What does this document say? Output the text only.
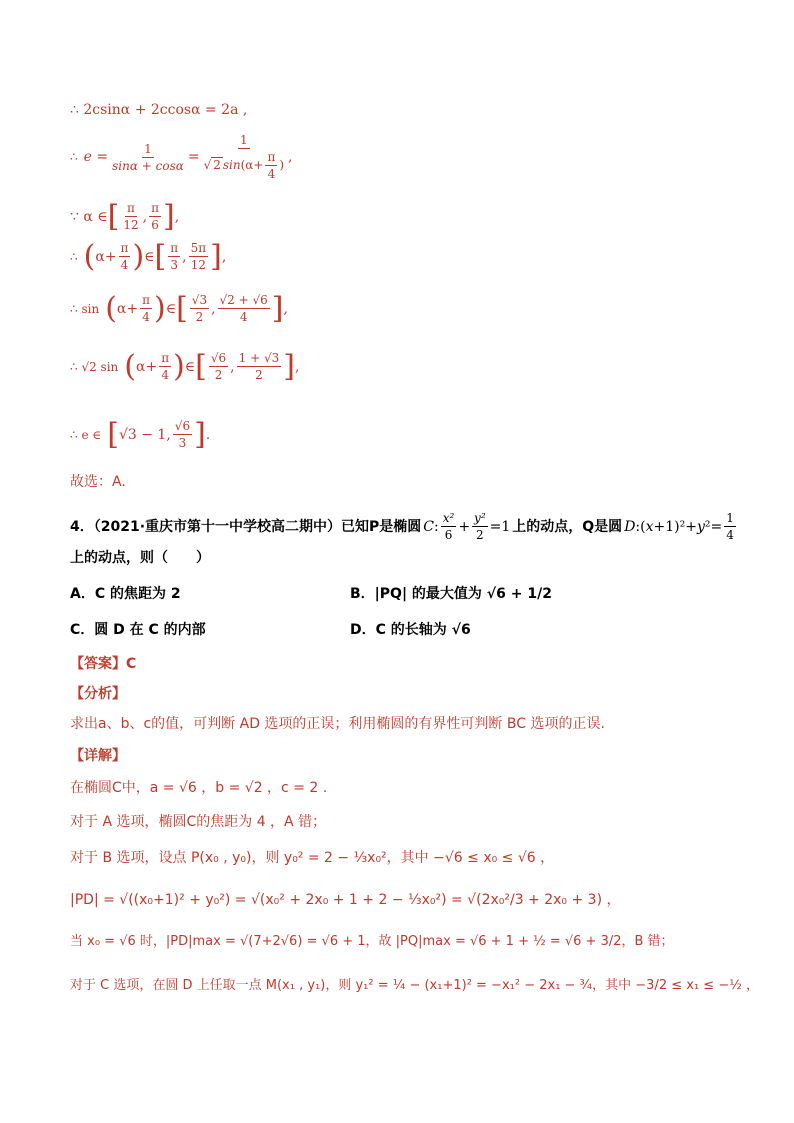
∴ 2csinα + 2ccosα = 2a ,
∴ $e = \frac{1}{\sin\alpha + \cos\alpha} = \frac{1}{√ 2 \sin(\alpha+ \frac{\pi}{4} )}$ ,
∵ α ∈ [ $\frac{\pi}{12}$ , $\frac{\pi}{6}$ ] ,
∴ ( $\alpha+ \frac{\pi}{4}$ ) ∈ [ $\frac{\pi}{3}$ , $\frac{5\pi}{12}$ ] ,
∴ sin ( $\alpha+ \frac{\pi}{4}$ ) ∈ [ $\frac{√3}{2}$ , $\frac{√2 + √6}{4}$ ] ,
∴ √2 sin ( $\alpha+ \frac{\pi}{4}$ ) ∈ [ $\frac{√6}{2}$ , $\frac{1 + √3}{2}$ ] ,
∴ e ∈ [ √3 − 1, $\frac{√6}{3}$ ] .
故选：A.
4．（2021·重庆市第十一中学校高二期中）已知 P是椭圆 C : $\frac{\text{x²}}{6} + \frac{\text{y²}}{2} =1$ 上的动点， Q是圆 D :( x +1)²+ y $^2= \frac{1}{4}$
上的动点，则（　　）
A．C 的焦距为 2	B．|PQ| 的最大值为 √6 + 1/2
C．圆 D 在 C 的内部	D．C 的长轴为 √6
【答案】C
【分析】
求出a、b、c的值，可判断 AD 选项的正误；利用椭圆的有界性可判断 BC 选项的正误.
【详解】
在椭圆C中，a = √6 ，b = √2 ，c = 2 .
对于 A 选项，椭圆C的焦距为 4 ，A 错；
对于 B 选项，设点 P(x₀ , y₀)，则 y₀² = 2 − ⅓x₀²，其中 −√6 ≤ x₀ ≤ √6 ，
|PD| = √((x₀+1)² + y₀²) = √(x₀² + 2x₀ + 1 + 2 − ⅓x₀²) = √(2x₀²/3 + 2x₀ + 3) ，
当 x₀ = √6 时，|PD|max = √(7+2√6) = √6 + 1，故 |PQ|max = √6 + 1 + ½ = √6 + 3/2，B 错；
对于 C 选项，在圆 D 上任取一点 M(x₁ , y₁)，则 y₁² = ¼ − (x₁+1)² = −x₁² − 2x₁ − ¾，其中 −3/2 ≤ x₁ ≤ −½ ，
